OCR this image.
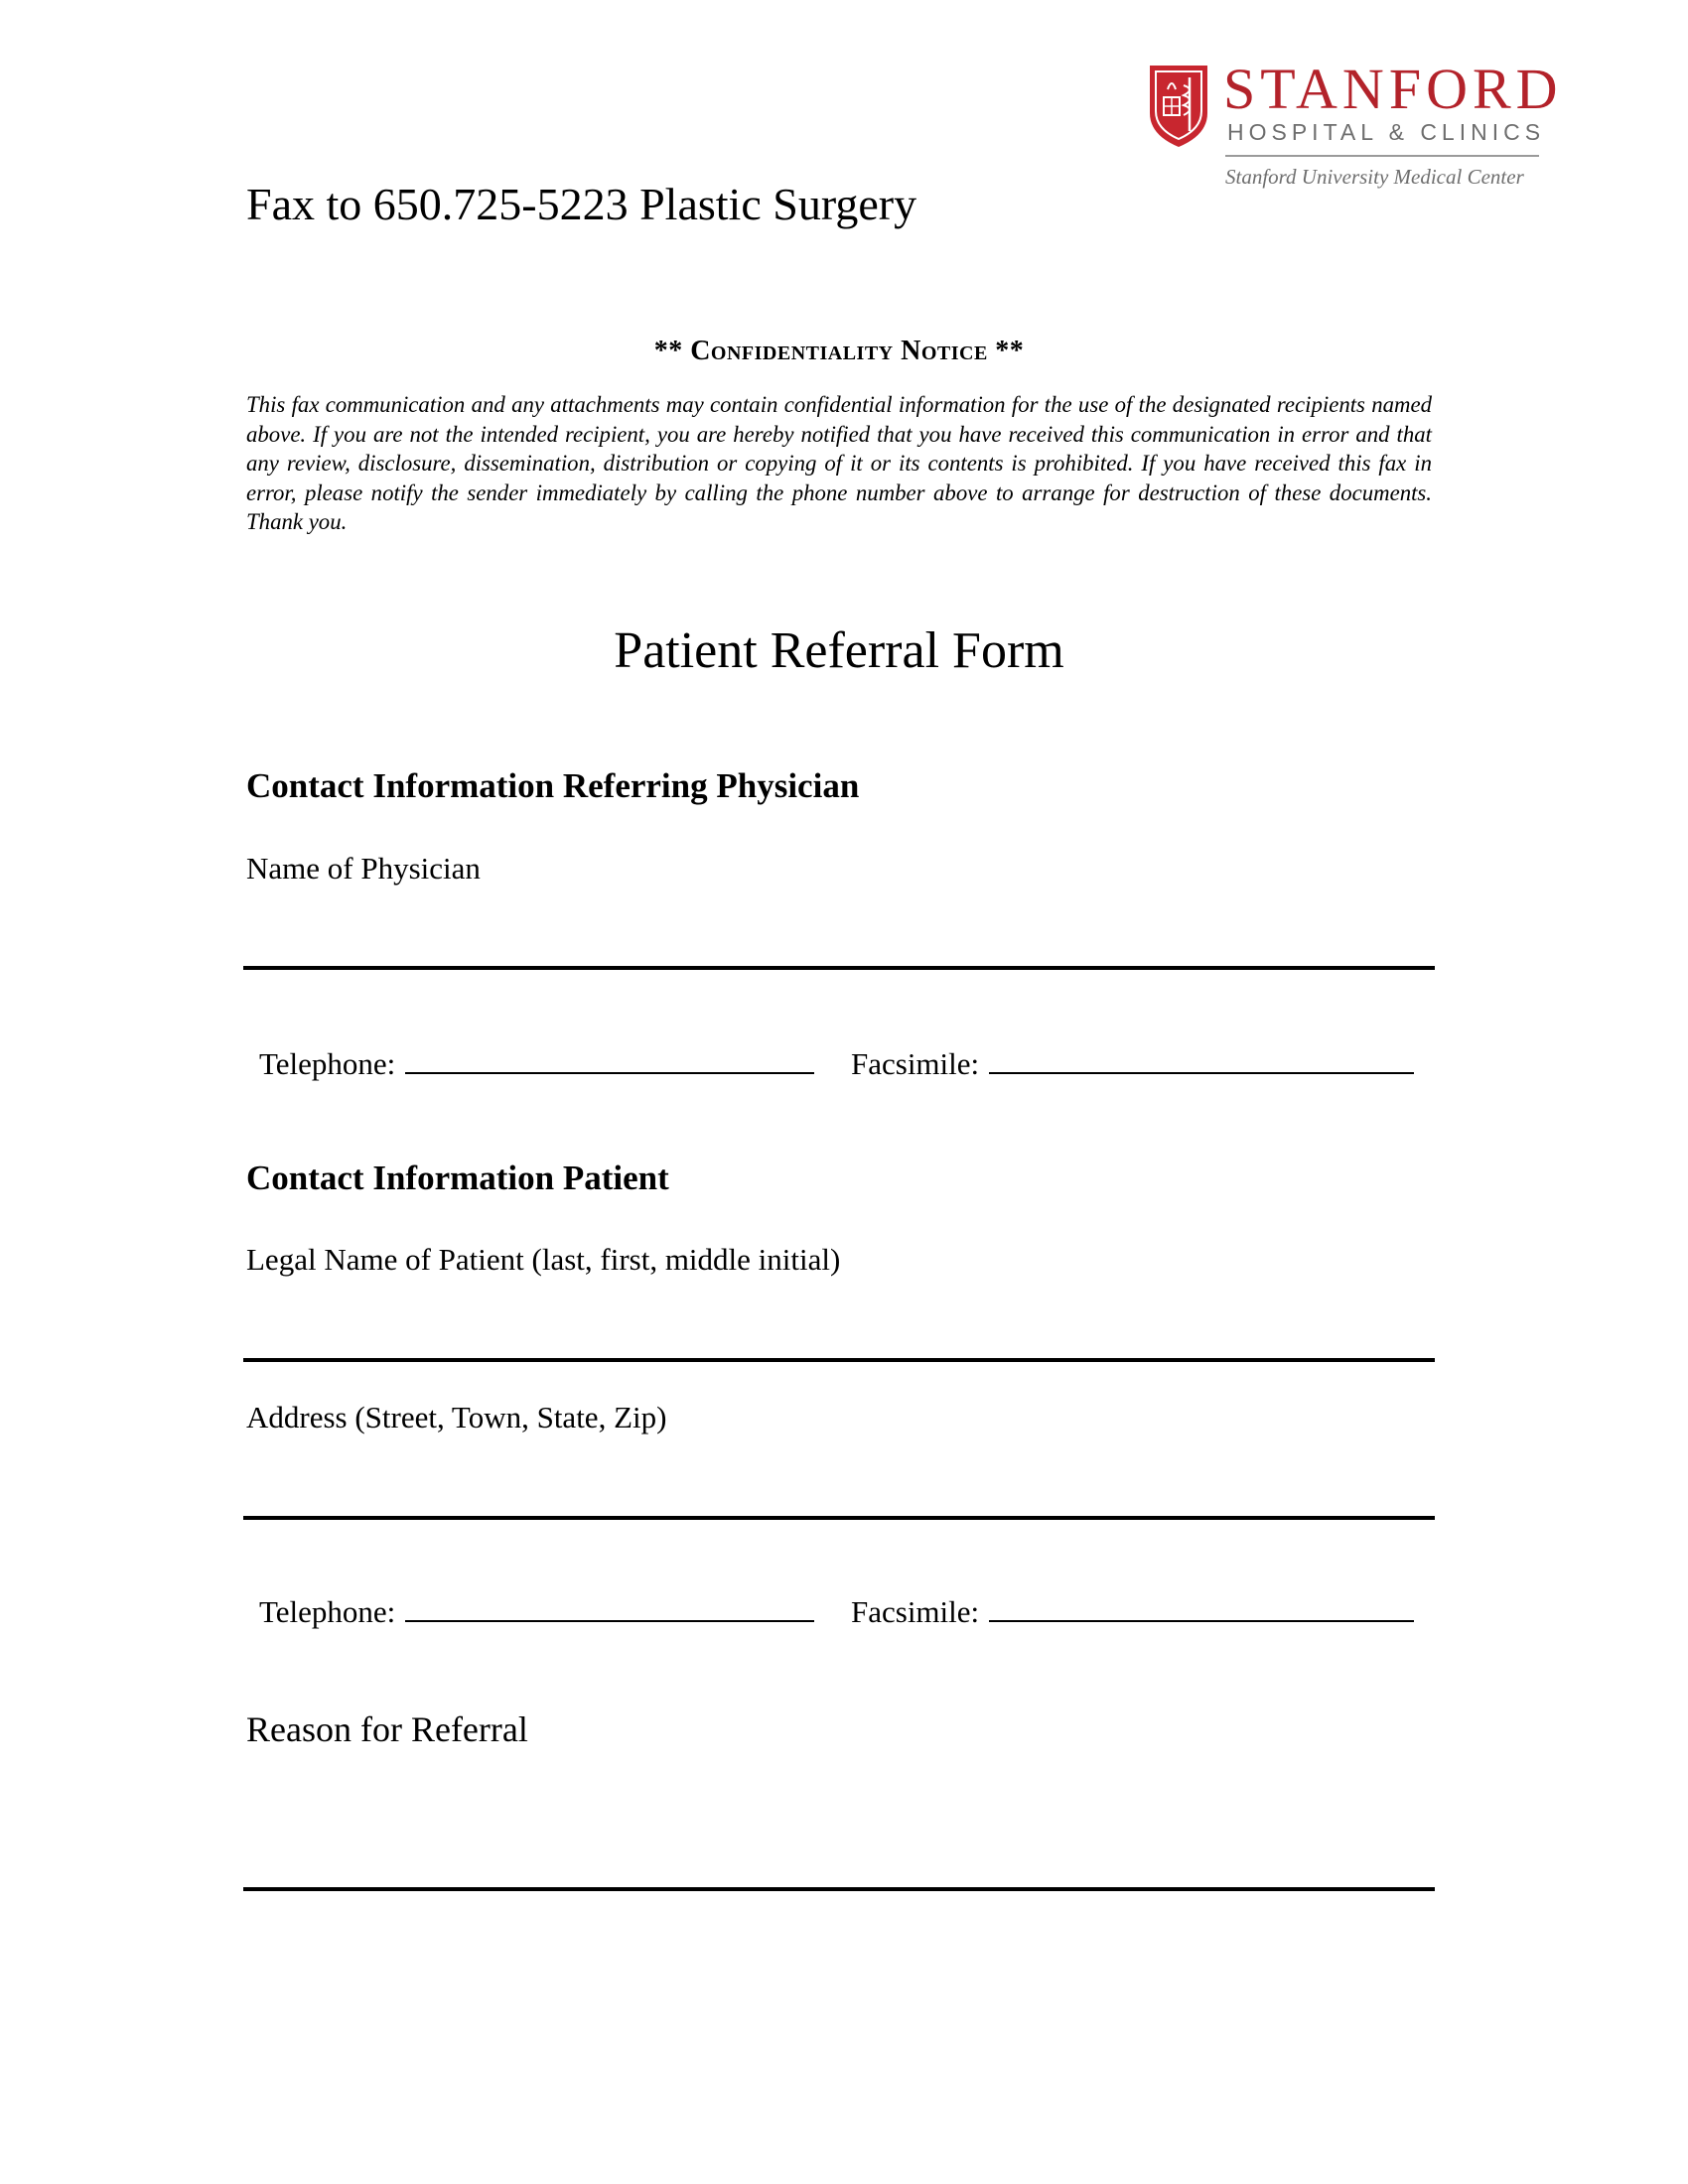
STANFORD
HOSPITAL & CLINICS
Stanford University Medical Center
Fax to 650.725-5223 Plastic Surgery
** Confidentiality Notice **
This fax communication and any attachments may contain confidential information for the use of the designated recipients named above. If you are not the intended recipient, you are hereby notified that you have received this communication in error and that any review, disclosure, dissemination, distribution or copying of it or its contents is prohibited. If you have received this fax in error, please notify the sender immediately by calling the phone number above to arrange for destruction of these documents. Thank you.
Patient Referral Form
Contact Information Referring Physician
Name of Physician
Telephone:	Facsimile:
Contact Information Patient
Legal Name of Patient (last, first, middle initial)
Address (Street, Town, State, Zip)
Telephone:	Facsimile:
Reason for Referral
